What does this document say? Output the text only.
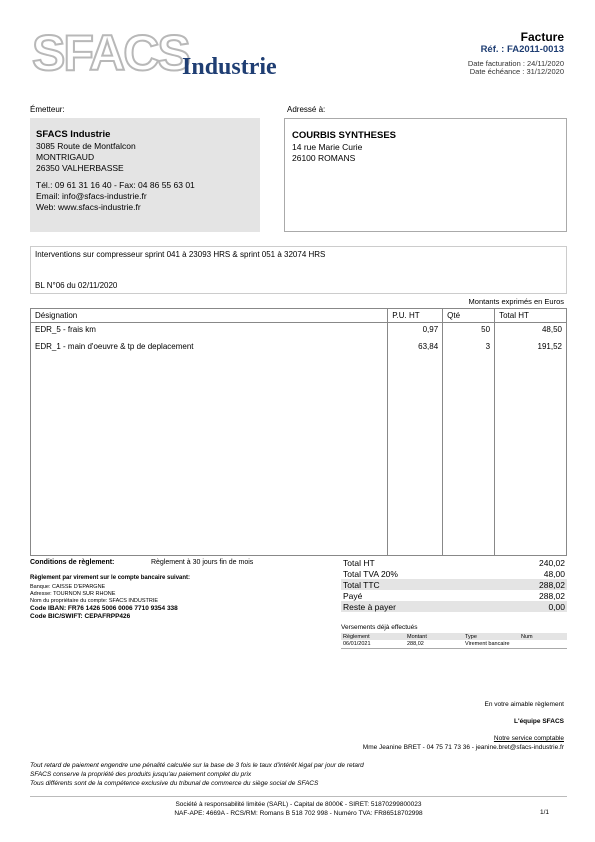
SFACS
Industrie
Facture
Réf. : FA2011-0013
Date facturation : 24/11/2020
Date échéance : 31/12/2020
Émetteur:
SFACS Industrie
3085 Route de Montfalcon
MONTRIGAUD
26350 VALHERBASSE
Tél.: 09 61 31 16 40 - Fax: 04 86 55 63 01
Email: info@sfacs-industrie.fr
Web: www.sfacs-industrie.fr
Adressé à:
COURBIS SYNTHESES
14 rue Marie Curie
26100 ROMANS
Interventions sur compresseur sprint 041 à 23093 HRS & sprint 051 à 32074 HRS
BL N°06 du 02/11/2020
Montants exprimés en Euros
Désignation	P.U. HT	Qté	Total HT
EDR_5 - frais km	0,97	50	48,50
EDR_1 - main d'oeuvre & tp de deplacement	63,84	3	191,52

Conditions de règlement:	Règlement à 30 jours fin de mois
Règlement par virement sur le compte bancaire suivant:
Banque: CAISSE D'EPARGNE
Adresse: TOURNON SUR RHONE
Nom du propriétaire du compte: SFACS INDUSTRIE
Code IBAN: FR76 1426 5006 0006 7710 9354 338
Code BIC/SWIFT: CEPAFRPP426
Total HT	240,02
Total TVA 20%	48,00
Total TTC	288,02
Payé	288,02
Reste à payer	0,00
Versements déjà effectués
Règlement	Montant	Type	Num
06/01/2021	288,02	Virement bancaire	
En votre aimable règlement
L'équipe SFACS
Notre service comptable
Mme Jeanine BRET - 04 75 71 73 36 - jeanine.bret@sfacs-industrie.fr
Tout retard de paiement engendre une pénalité calculée sur la base de 3 fois le taux d'intérêt légal par jour de retard
SFACS conserve la propriété des produits jusqu'au paiement complet du prix
Tous différents sont de la compétence exclusive du tribunal de commerce du siège social de SFACS
Société à responsabilité limitée (SARL) - Capital de 8000€ - SIRET: 51870299800023
NAF-APE: 4669A - RCS/RM: Romans B 518 702 998 - Numéro TVA: FR86518702998	1/1
